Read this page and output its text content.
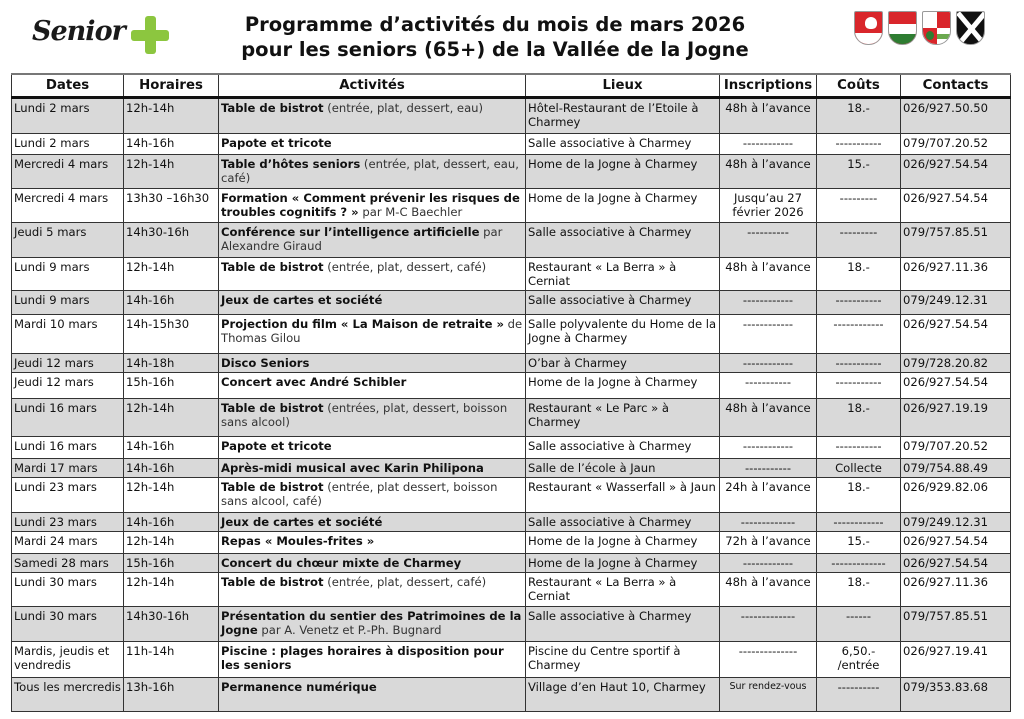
Senior	Programme d’activités du mois de mars 2026
pour les seniors (65+) de la Vallée de la Jogne
Dates	Horaires	Activités	Lieux	Inscriptions	Coûts	Contacts
Lundi 2 mars	12h-14h	Table de bistrot (entrée, plat, dessert, eau)	Hôtel-Restaurant de l’Etoile à Charmey	48h à l’avance	18.-	026/927.50.50
Lundi 2 mars	14h-16h	Papote et tricote	Salle associative à Charmey	------------	-----------	079/707.20.52
Mercredi 4 mars	12h-14h	Table d’hôtes seniors (entrée, plat, dessert, eau, café)	Home de la Jogne à Charmey	48h à l’avance	15.-	026/927.54.54
Mercredi 4 mars	13h30 –16h30	Formation « Comment prévenir les risques de troubles cognitifs ? » par M-C Baechler	Home de la Jogne à Charmey	Jusqu’au 27 février 2026	---------	026/927.54.54
Jeudi 5 mars	14h30-16h	Conférence sur l’intelligence artificielle par Alexandre Giraud	Salle associative à Charmey	----------	---------	079/757.85.51
Lundi 9 mars	12h-14h	Table de bistrot (entrée, plat, dessert, café)	Restaurant « La Berra » à Cerniat	48h à l’avance	18.-	026/927.11.36
Lundi 9 mars	14h-16h	Jeux de cartes et société	Salle associative à Charmey	------------	-----------	079/249.12.31
Mardi 10 mars	14h-15h30	Projection du film « La Maison de retraite » de Thomas Gilou	Salle polyvalente du Home de la Jogne à Charmey	------------	------------	026/927.54.54
Jeudi 12 mars	14h-18h	Disco Seniors	O’bar à Charmey	------------	-----------	079/728.20.82
Jeudi 12 mars	15h-16h	Concert avec André Schibler	Home de la Jogne à Charmey	-----------	-----------	026/927.54.54
Lundi 16 mars	12h-14h	Table de bistrot (entrées, plat, dessert, boisson sans alcool)	Restaurant « Le Parc » à Charmey	48h à l’avance	18.-	026/927.19.19
Lundi 16 mars	14h-16h	Papote et tricote	Salle associative à Charmey	------------	-----------	079/707.20.52
Mardi 17 mars	14h-16h	Après-midi musical avec Karin Philipona	Salle de l’école à Jaun	-----------	Collecte	079/754.88.49
Lundi 23 mars	12h-14h	Table de bistrot (entrée, plat dessert, boisson sans alcool, café)	Restaurant « Wasserfall » à Jaun	24h à l’avance	18.-	026/929.82.06
Lundi 23 mars	14h-16h	Jeux de cartes et société	Salle associative à Charmey	-------------	------------	079/249.12.31
Mardi 24 mars	12h-14h	Repas « Moules-frites »	Home de la Jogne à Charmey	72h à l’avance	15.-	026/927.54.54
Samedi 28 mars	15h-16h	Concert du chœur mixte de Charmey	Home de la Jogne à Charmey	------------	-------------	026/927.54.54
Lundi 30 mars	12h-14h	Table de bistrot (entrée, plat, dessert, café)	Restaurant « La Berra » à Cerniat	48h à l’avance	18.-	026/927.11.36
Lundi 30 mars	14h30-16h	Présentation du sentier des Patrimoines de la Jogne par A. Venetz et P.-Ph. Bugnard	Salle associative à Charmey	-------------	------	079/757.85.51
Mardis, jeudis et vendredis	11h-14h	Piscine : plages horaires à disposition pour les seniors	Piscine du Centre sportif à Charmey	--------------	6,50.- /entrée	026/927.19.41
Tous les mercredis	13h-16h	Permanence numérique	Village d’en Haut 10, Charmey	Sur rendez-vous	----------	079/353.83.68
